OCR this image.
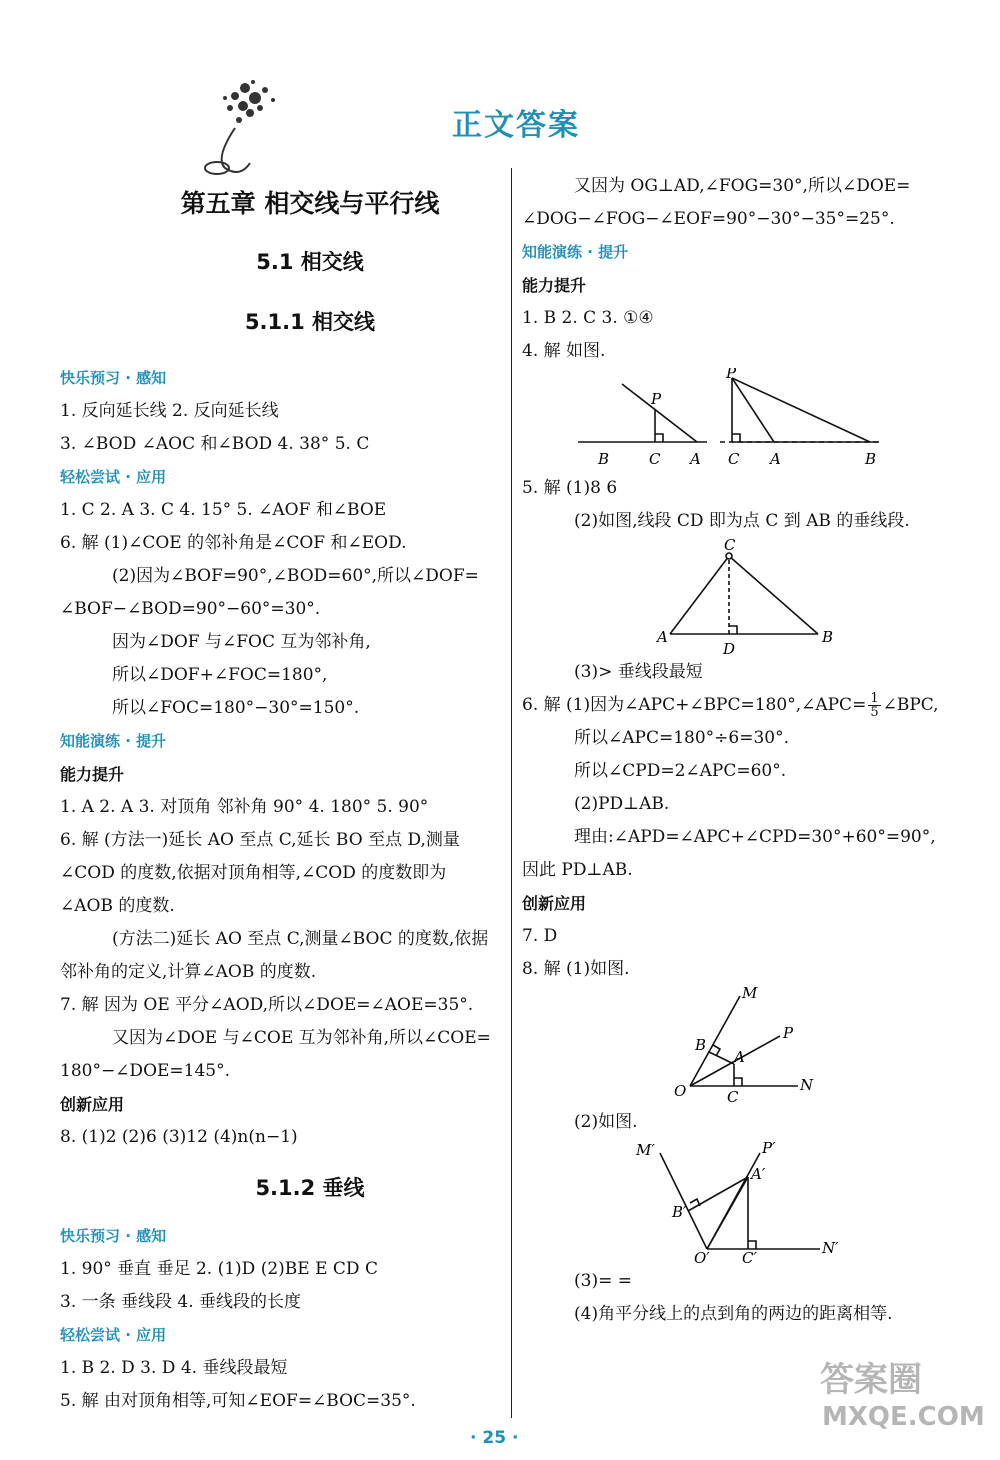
正文答案
第五章 相交线与平行线
5.1 相交线
5.1.1 相交线
快乐预习 · 感知
1. 反向延长线 2. 反向延长线
3. ∠BOD ∠AOC 和∠BOD 4. 38° 5. C
轻松尝试 · 应用
1. C 2. A 3. C 4. 15° 5. ∠AOF 和∠BOE
6. 解 (1)∠COE 的邻补角是∠COF 和∠EOD.
(2)因为∠BOF=90°,∠BOD=60°,所以∠DOF=
∠BOF−∠BOD=90°−60°=30°.
因为∠DOF 与∠FOC 互为邻补角,
所以∠DOF+∠FOC=180°,
所以∠FOC=180°−30°=150°.
知能演练 · 提升
能力提升
1. A 2. A 3. 对顶角 邻补角 90° 4. 180° 5. 90°
6. 解 (方法一)延长 AO 至点 C,延长 BO 至点 D,测量
∠COD 的度数,依据对顶角相等,∠COD 的度数即为
∠AOB 的度数.
(方法二)延长 AO 至点 C,测量∠BOC 的度数,依据
邻补角的定义,计算∠AOB 的度数.
7. 解 因为 OE 平分∠AOD,所以∠DOE=∠AOE=35°.
又因为∠DOE 与∠COE 互为邻补角,所以∠COE=
180°−∠DOE=145°.
创新应用
8. (1)2 (2)6 (3)12 (4)n(n−1)
5.1.2 垂线
快乐预习 · 感知
1. 90° 垂直 垂足 2. (1)D (2)BE E CD C
3. 一条 垂线段 4. 垂线段的长度
轻松尝试 · 应用
1. B 2. D 3. D 4. 垂线段最短
5. 解 由对顶角相等,可知∠EOF=∠BOC=35°.
又因为 OG⊥AD,∠FOG=30°,所以∠DOE=
∠DOG−∠FOG−∠EOF=90°−30°−35°=25°.
知能演练 · 提升
能力提升
1. B 2. C 3. ①④
4. 解 如图.
P
B	C A
P
C A	B
5. 解 (1)8 6
(2)如图,线段 CD 即为点 C 到 AB 的垂线段.
C
A
D
B
(3)> 垂线段最短
6. 解 (1)因为∠APC+∠BPC=180°,∠APC= $\frac{1}{5}$ ∠BPC,
所以∠APC=180°÷6=30°.
所以∠CPD=2∠APC=60°.
(2)PD⊥AB.
理由:∠APD=∠APC+∠CPD=30°+60°=90°,
因此 PD⊥AB.
创新应用
7. D
8. 解 (1)如图.
M
P
B
A
O	C
N
(2)如图.
M′	P′
A′
B′
O′ C′
N′
(3)= =
(4)角平分线上的点到角的两边的距离相等.
· 25 ·
答案圈
MXQE.COM
